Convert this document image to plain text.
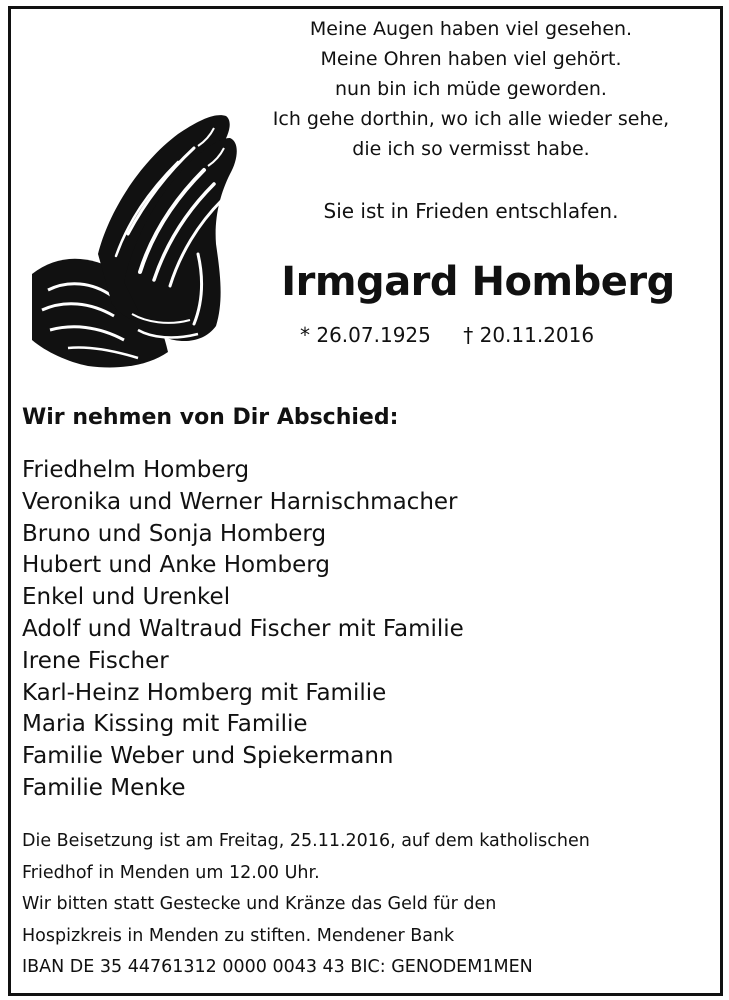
Meine Augen haben viel gesehen.
Meine Ohren haben viel gehört.
nun bin ich müde geworden.
Ich gehe dorthin, wo ich alle wieder sehe,
die ich so vermisst habe.
Sie ist in Frieden entschlafen.
Irmgard Homberg
* 26.07.1925 † 20.11.2016
Wir nehmen von Dir Abschied:
Friedhelm Homberg
Veronika und Werner Harnischmacher
Bruno und Sonja Homberg
Hubert und Anke Homberg
Enkel und Urenkel
Adolf und Waltraud Fischer mit Familie
Irene Fischer
Karl-Heinz Homberg mit Familie
Maria Kissing mit Familie
Familie Weber und Spiekermann
Familie Menke
Die Beisetzung ist am Freitag, 25.11.2016, auf dem katholischen
Friedhof in Menden um 12.00 Uhr.
Wir bitten statt Gestecke und Kränze das Geld für den
Hospizkreis in Menden zu stiften. Mendener Bank
IBAN DE 35 44761312 0000 0043 43 BIC: GENODEM1MEN
